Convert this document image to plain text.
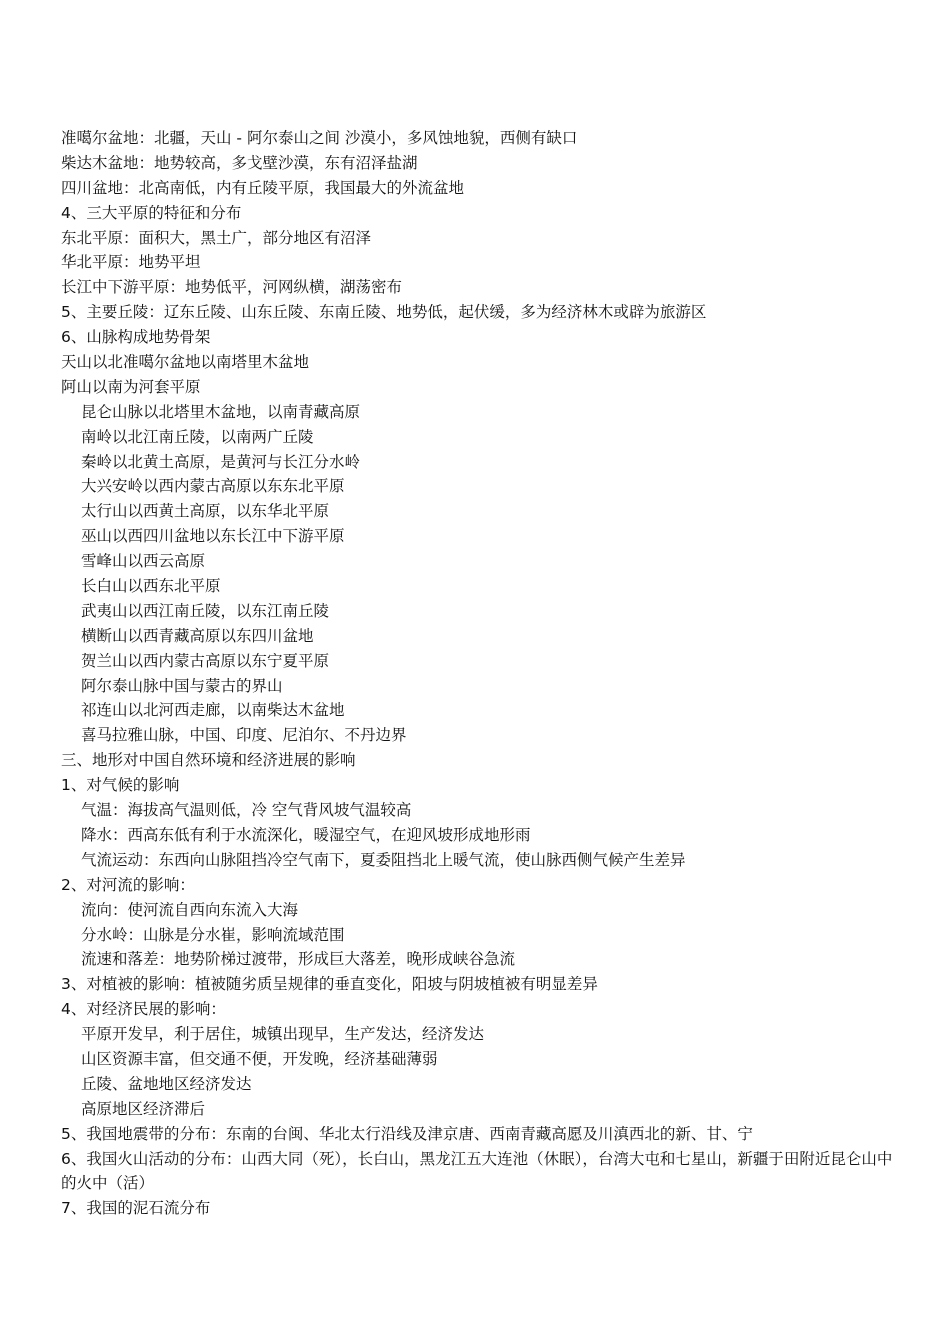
准噶尔盆地：北疆，天山 - 阿尔泰山之间 沙漠小，多风蚀地貌，西侧有缺口
柴达木盆地：地势较高，多戈壁沙漠，东有沼泽盐湖
四川盆地：北高南低，内有丘陵平原，我国最大的外流盆地
4、三大平原的特征和分布
东北平原：面积大，黑土广，部分地区有沼泽
华北平原：地势平坦
长江中下游平原：地势低平，河网纵横，湖荡密布
5、主要丘陵：辽东丘陵、山东丘陵、东南丘陵、地势低，起伏缓，多为经济林木或辟为旅游区
6、山脉构成地势骨架
天山以北准噶尔盆地以南塔里木盆地
阿山以南为河套平原
昆仑山脉以北塔里木盆地，以南青藏高原
南岭以北江南丘陵，以南两广丘陵
秦岭以北黄土高原，是黄河与长江分水岭
大兴安岭以西内蒙古高原以东东北平原
太行山以西黄土高原，以东华北平原
巫山以西四川盆地以东长江中下游平原
雪峰山以西云高原
长白山以西东北平原
武夷山以西江南丘陵，以东江南丘陵
横断山以西青藏高原以东四川盆地
贺兰山以西内蒙古高原以东宁夏平原
阿尔泰山脉中国与蒙古的界山
祁连山以北河西走廊，以南柴达木盆地
喜马拉雅山脉，中国、印度、尼泊尔、不丹边界
三、地形对中国自然环境和经济进展的影响
1、对气候的影响
气温：海拔高气温则低，冷 空气背风坡气温较高
降水：西高东低有利于水流深化，暖湿空气，在迎风坡形成地形雨
气流运动：东西向山脉阻挡冷空气南下，夏委阻挡北上暖气流，使山脉西侧气候产生差异
2、对河流的影响：
流向：使河流自西向东流入大海
分水岭：山脉是分水崔，影响流域范围
流速和落差：地势阶梯过渡带，形成巨大落差，晚形成峡谷急流
3、对植被的影响：植被随劣质呈规律的垂直变化，阳坡与阴坡植被有明显差异
4、对经济民展的影响：
平原开发早，利于居住，城镇出现早，生产发达，经济发达
山区资源丰富，但交通不便，开发晚，经济基础薄弱
丘陵、盆地地区经济发达
高原地区经济滞后
5、我国地震带的分布：东南的台闽、华北太行沿线及津京唐、西南青藏高愿及川滇西北的新、甘、宁
6、我国火山活动的分布：山西大同（死），长白山，黑龙江五大连池（休眠），台湾大屯和七星山，新疆于田附近昆仑山中的火中（活）
7、我国的泥石流分布
